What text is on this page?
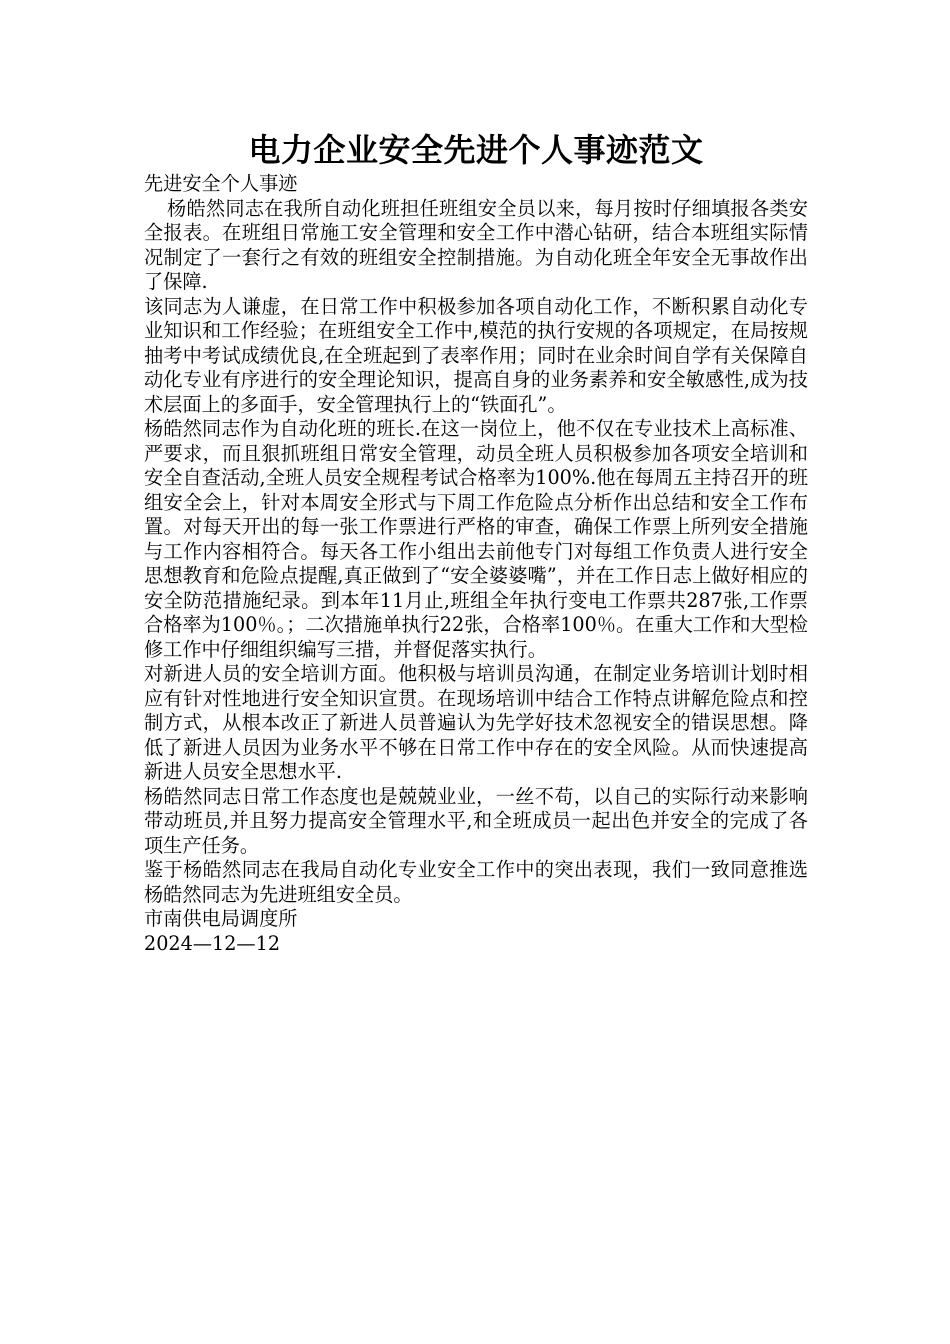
电力企业安全先进个人事迹范文
先进安全个人事迹

杨皓然同志在我所自动化班担任班组安全员以来，每月按时仔细填报各类安全报表。在班组日常施工安全管理和安全工作中潜心钻研，结合本班组实际情况制定了一套行之有效的班组安全控制措施。为自动化班全年安全无事故作出了保障.

该同志为人谦虚，在日常工作中积极参加各项自动化工作，不断积累自动化专业知识和工作经验；在班组安全工作中,模范的执行安规的各项规定，在局按规抽考中考试成绩优良,在全班起到了表率作用；同时在业余时间自学有关保障自动化专业有序进行的安全理论知识，提高自身的业务素养和安全敏感性,成为技术层面上的多面手，安全管理执行上的“铁面孔”。

杨皓然同志作为自动化班的班长.在这一岗位上，他不仅在专业技术上高标准、严要求，而且狠抓班组日常安全管理，动员全班人员积极参加各项安全培训和安全自查活动,全班人员安全规程考试合格率为100%.他在每周五主持召开的班组安全会上，针对本周安全形式与下周工作危险点分析作出总结和安全工作布置。对每天开出的每一张工作票进行严格的审查，确保工作票上所列安全措施与工作内容相符合。每天各工作小组出去前他专门对每组工作负责人进行安全思想教育和危险点提醒,真正做到了“安全婆婆嘴”，并在工作日志上做好相应的安全防范措施纪录。到本年11月止,班组全年执行变电工作票共287张,工作票合格率为100％。；二次措施单执行22张，合格率100％。在重大工作和大型检修工作中仔细组织编写三措，并督促落实执行。

对新进人员的安全培训方面。他积极与培训员沟通，在制定业务培训计划时相应有针对性地进行安全知识宣贯。在现场培训中结合工作特点讲解危险点和控制方式，从根本改正了新进人员普遍认为先学好技术忽视安全的错误思想。降低了新进人员因为业务水平不够在日常工作中存在的安全风险。从而快速提高新进人员安全思想水平.

杨皓然同志日常工作态度也是兢兢业业，一丝不苟，以自己的实际行动来影响带动班员,并且努力提高安全管理水平,和全班成员一起出色并安全的完成了各项生产任务。

鉴于杨皓然同志在我局自动化专业安全工作中的突出表现，我们一致同意推选杨皓然同志为先进班组安全员。

市南供电局调度所
2024—12—12
